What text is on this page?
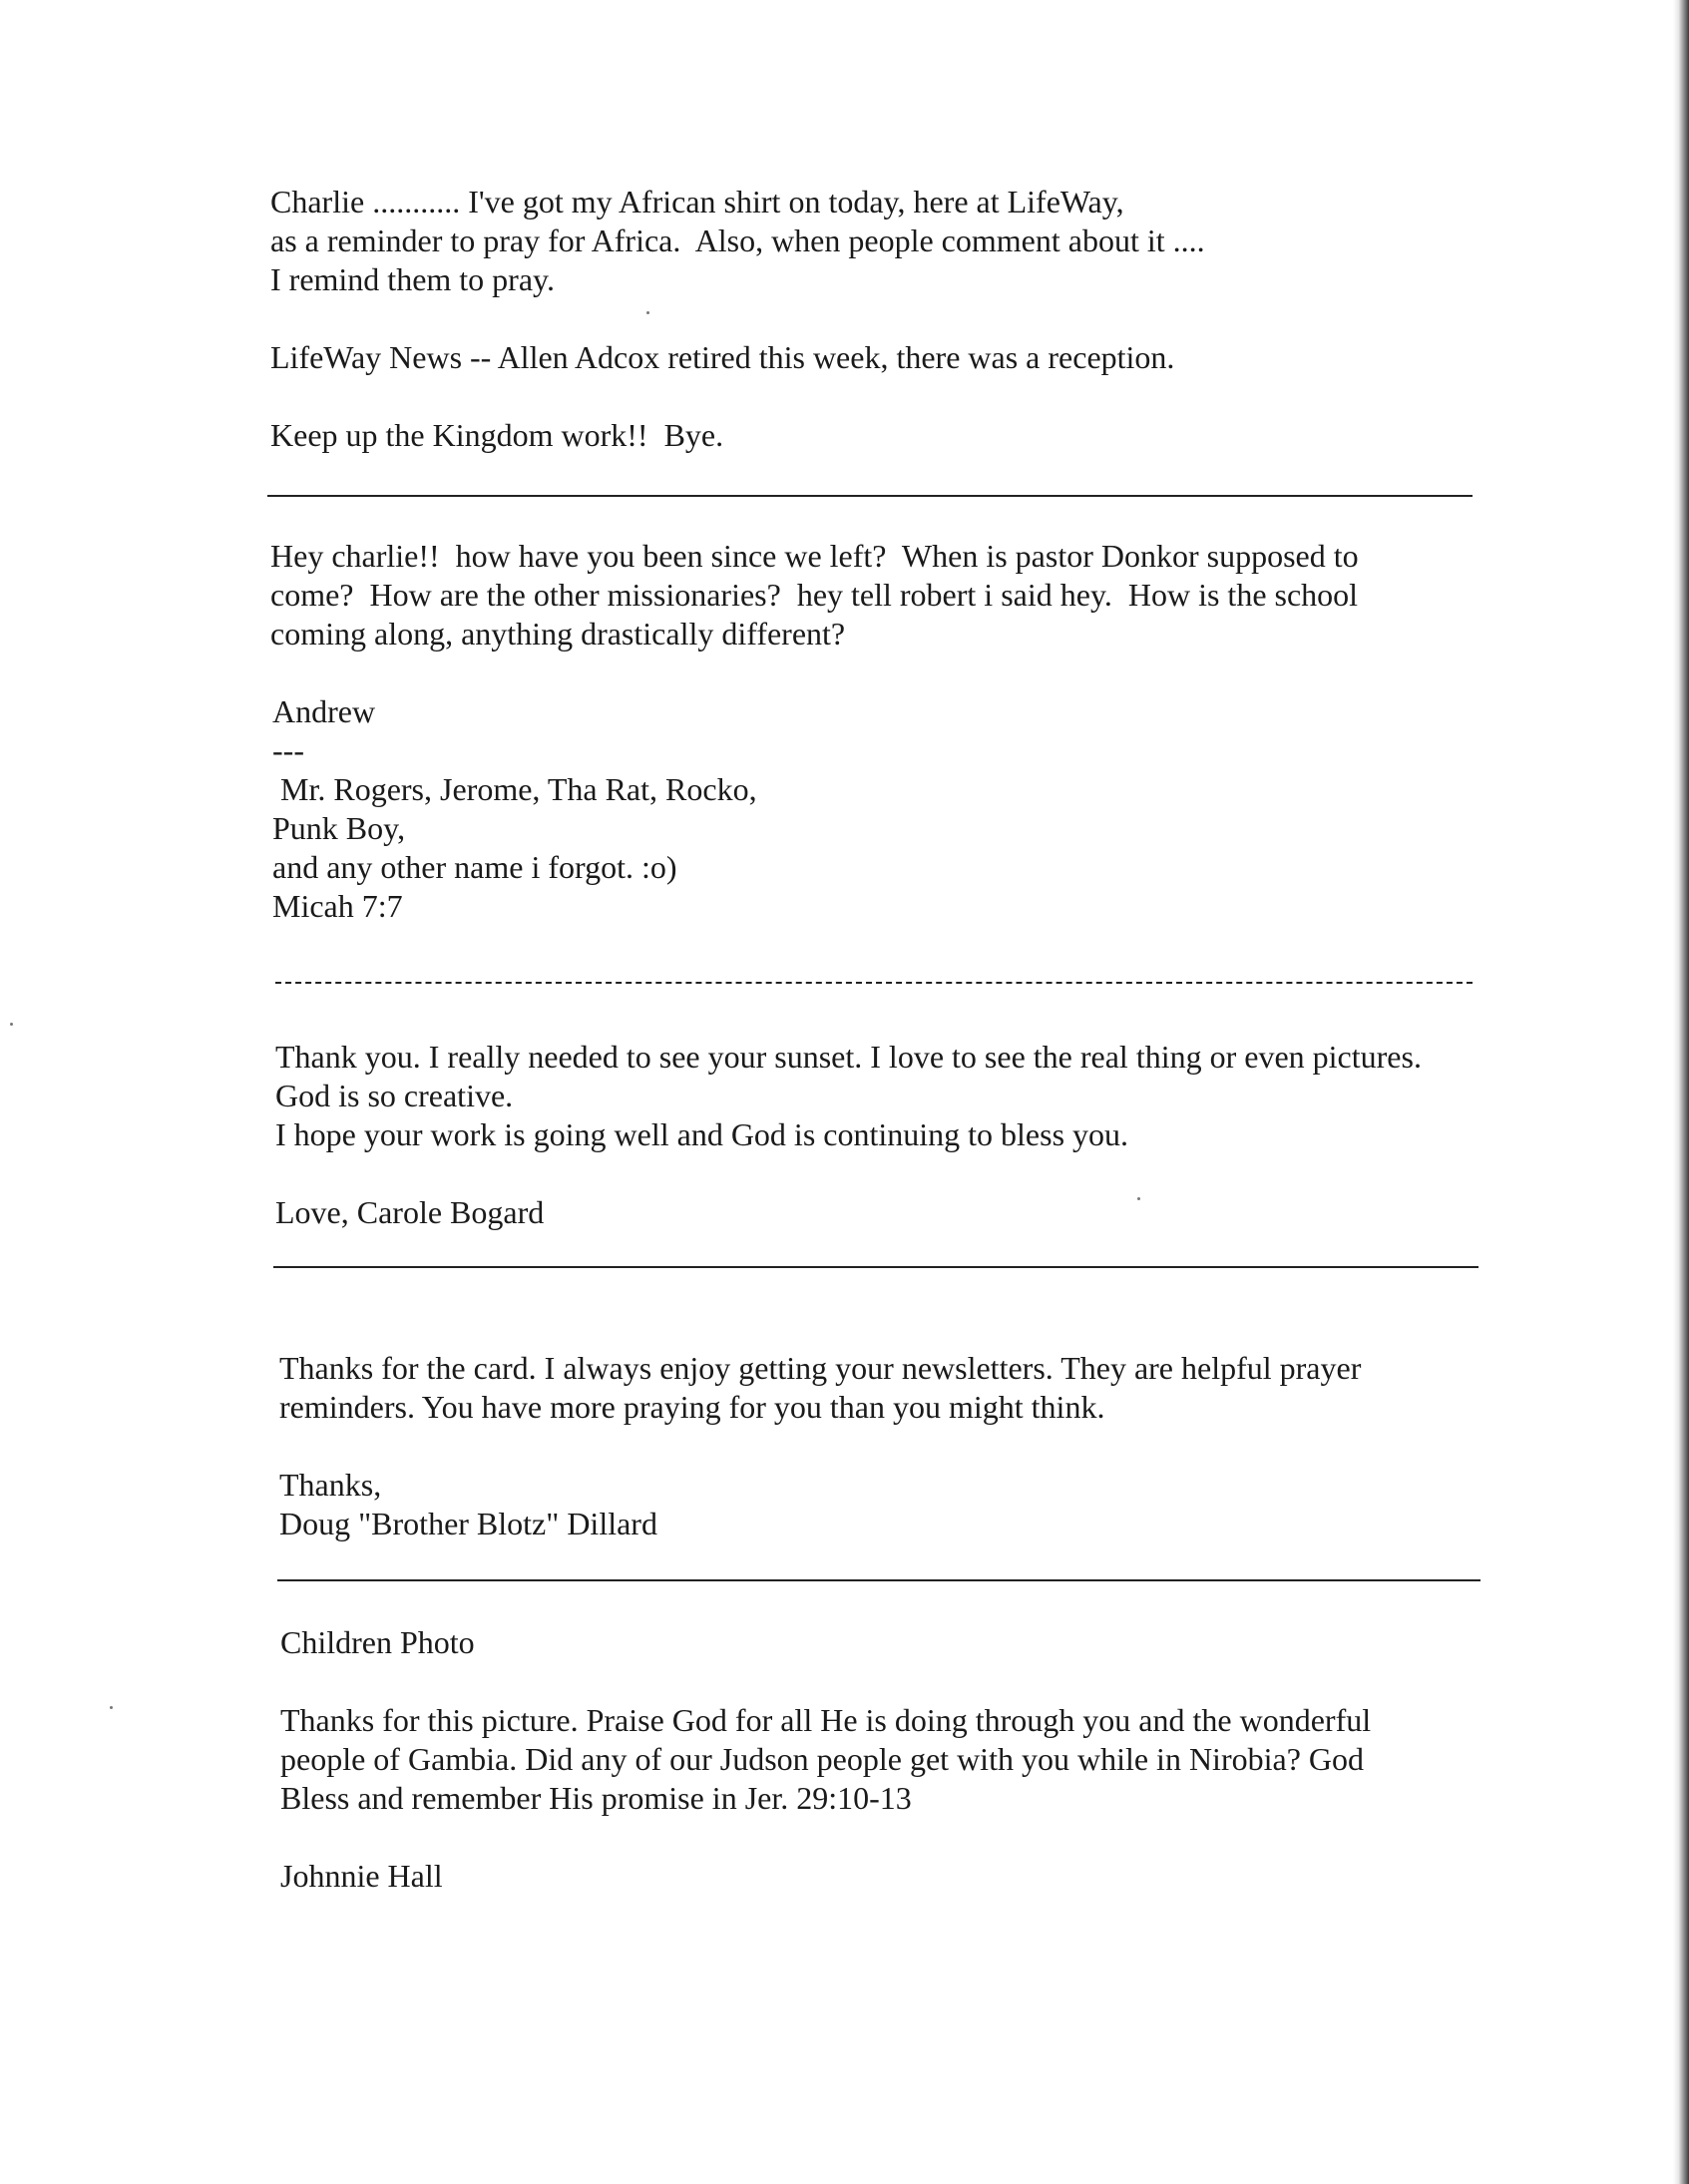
Charlie ........... I've got my African shirt on today, here at LifeWay,

as a reminder to pray for Africa.  Also, when people comment about it ....

I remind them to pray.

LifeWay News -- Allen Adcox retired this week, there was a reception.

Keep up the Kingdom work!!  Bye.

Hey charlie!!  how have you been since we left?  When is pastor Donkor supposed to

come?  How are the other missionaries?  hey tell robert i said hey.  How is the school

coming along, anything drastically different?

Andrew

---

Mr. Rogers, Jerome, Tha Rat, Rocko,

Punk Boy,

and any other name i forgot. :o)

Micah 7:7

Thank you. I really needed to see your sunset. I love to see the real thing or even pictures.

God is so creative.

I hope your work is going well and God is continuing to bless you.

Love, Carole Bogard

Thanks for the card. I always enjoy getting your newsletters. They are helpful prayer

reminders. You have more praying for you than you might think.

Thanks,

Doug "Brother Blotz" Dillard

Children Photo

Thanks for this picture. Praise God for all He is doing through you and the wonderful

people of Gambia. Did any of our Judson people get with you while in Nirobia? God

Bless and remember His promise in Jer. 29:10-13

Johnnie Hall
